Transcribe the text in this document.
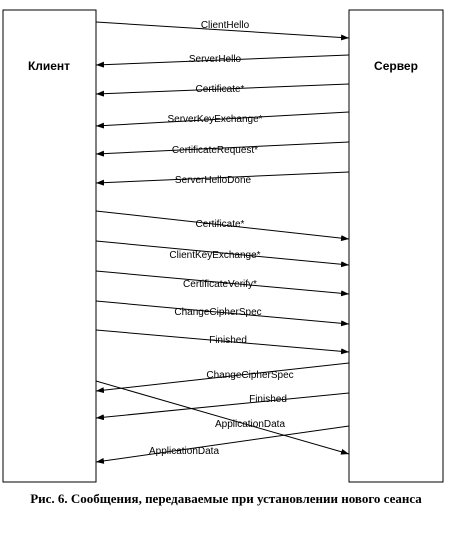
Клиент	Сервер
ClientHello
ServerHello
Certificate*
ServerKeyExchange*
CertificateRequest*
ServerHelloDone
Certificate*
ClientKeyExchange*
CertificateVerify*
ChangeCipherSpec
Finished
ChangeCipherSpec
Finished
ApplicationData
ApplicationData
Рис. 6. Сообщения, передаваемые при установлении нового сеанса
